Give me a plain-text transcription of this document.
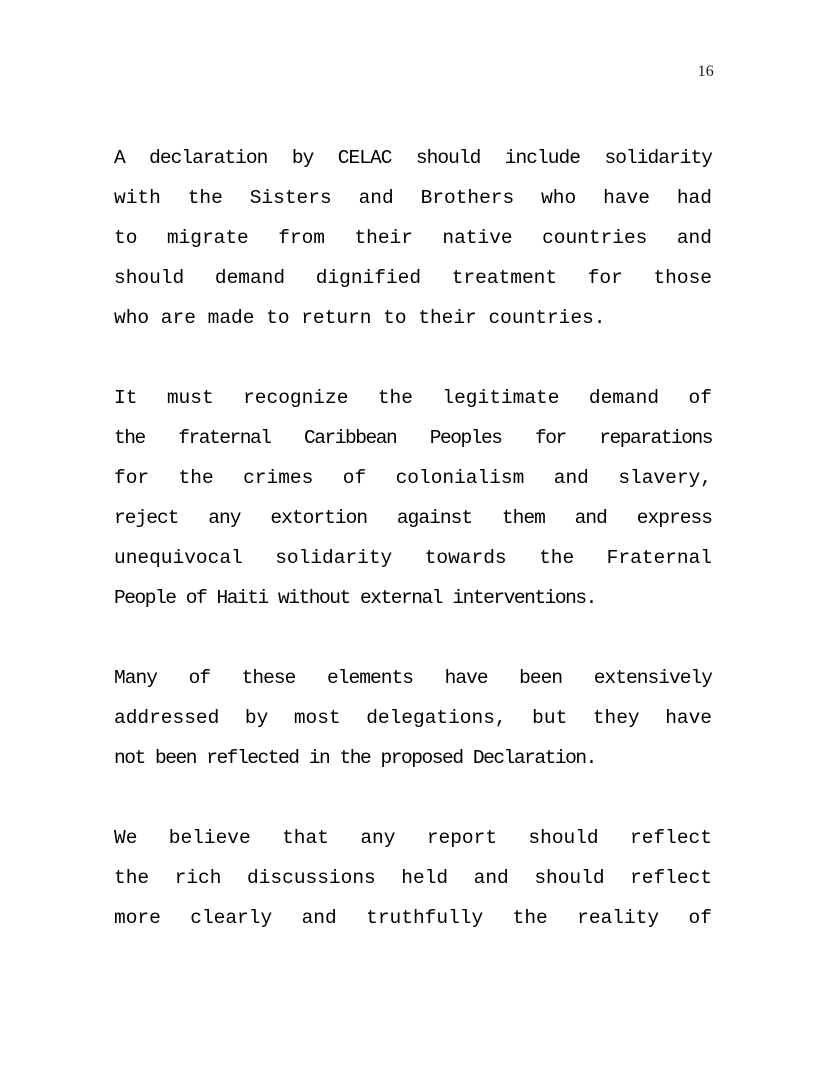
16

A declaration by CELAC should include solidarity
with the Sisters and Brothers who have had
to migrate from their native countries and
should demand dignified treatment for those
who are made to return to their countries.

It must recognize the legitimate demand of
the fraternal Caribbean Peoples for reparations
for the crimes of colonialism and slavery,
reject any extortion against them and express
unequivocal solidarity towards the Fraternal
People of Haiti without external interventions.

Many of these elements have been extensively
addressed by most delegations, but they have
not been reflected in the proposed Declaration.

We believe that any report should reflect
the rich discussions held and should reflect
more clearly and truthfully the reality of
